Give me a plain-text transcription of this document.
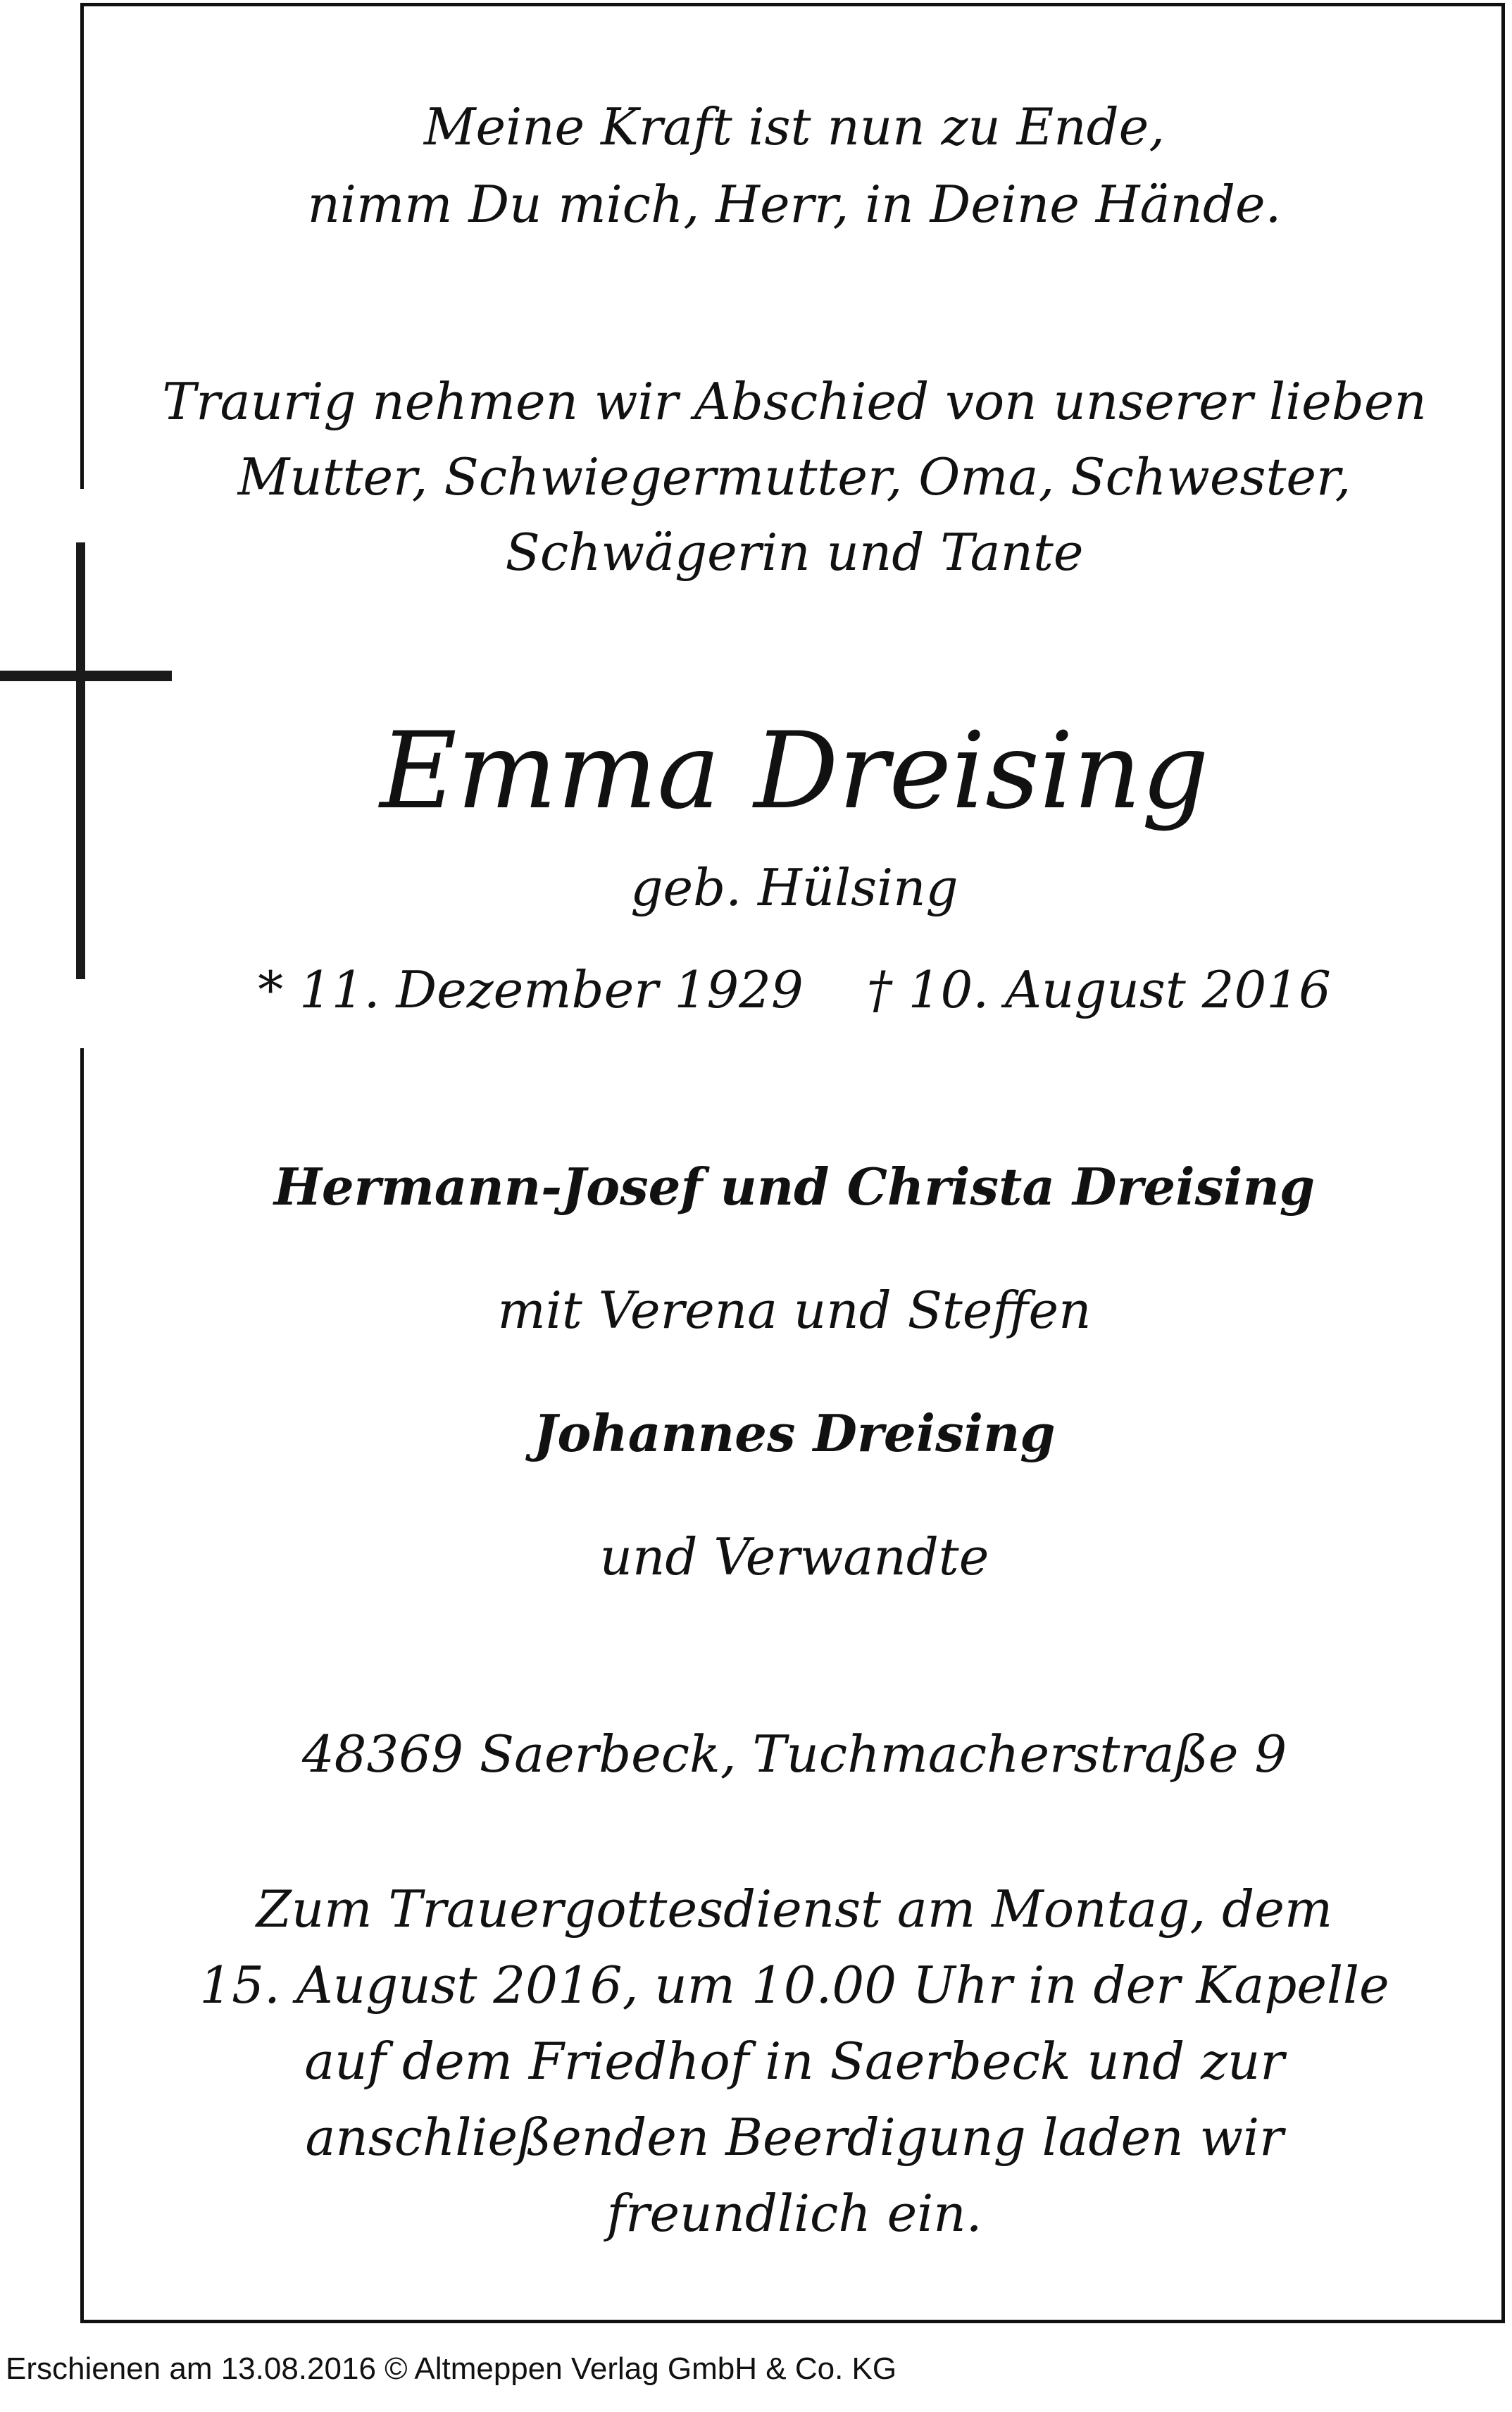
Meine Kraft ist nun zu Ende,
nimm Du mich, Herr, in Deine Hände.
Traurig nehmen wir Abschied von unserer lieben
Mutter, Schwiegermutter, Oma, Schwester,
Schwägerin und Tante
Emma Dreising
geb. Hülsing
* 11. Dezember 1929 † 10. August 2016
Hermann-Josef und Christa Dreising
mit Verena und Steffen
Johannes Dreising
und Verwandte
48369 Saerbeck, Tuchmacherstraße 9
Zum Trauergottesdienst am Montag, dem
15. August 2016, um 10.00 Uhr in der Kapelle
auf dem Friedhof in Saerbeck und zur
anschließenden Beerdigung laden wir
freundlich ein.
Erschienen am 13.08.2016 © Altmeppen Verlag GmbH & Co. KG
